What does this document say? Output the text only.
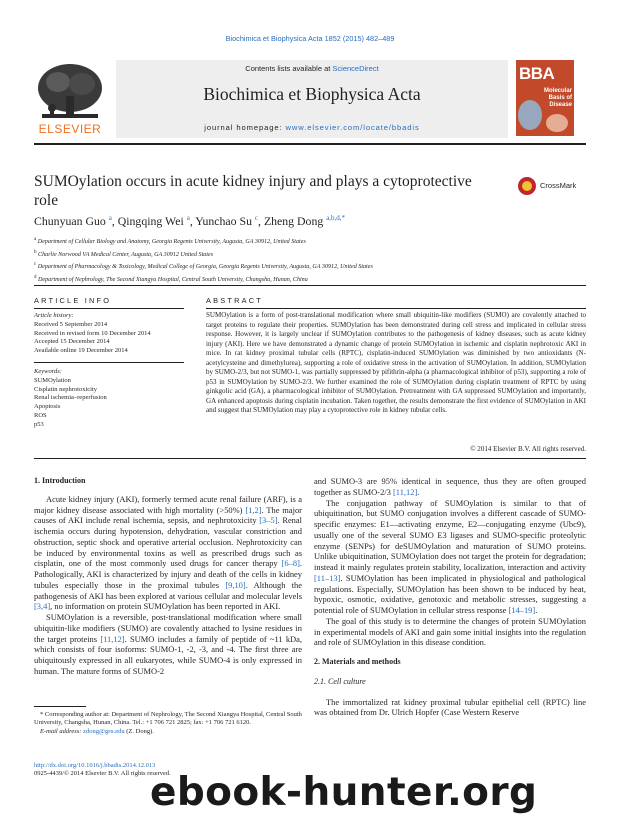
Biochimica et Biophysica Acta 1852 (2015) 482–489
ELSEVIER
Contents lists available at ScienceDirect
Biochimica et Biophysica Acta
journal homepage: www.elsevier.com/locate/bbadis
BBA
Molecular Basis of Disease
SUMOylation occurs in acute kidney injury and plays a cytoprotective role
CrossMark
Chunyuan Guo $^a$, Qingqing Wei $^a$, Yunchao Su $^c$, Zheng Dong $^{a,b,d,*}$
$^a$ Department of Cellular Biology and Anatomy, Georgia Regents University, Augusta, GA 30912, United States
$^b$ Charlie Norwood VA Medical Center, Augusta, GA 30912 United States
$^c$ Department of Pharmacology & Toxicology, Medical College of Georgia, Georgia Regents University, Augusta, GA 30912, United States
$^d$ Department of Nephrology, The Second Xiangya Hospital, Central South University, Changsha, Hunan, China
ARTICLE INFO	ABSTRACT
Article history:
Received 5 September 2014
Received in revised form 10 December 2014
Accepted 15 December 2014
Available online 19 December 2014
Keywords:
SUMOylation
Cisplatin nephrotoxicity
Renal ischemia–reperfusion
Apoptosis
ROS
p53
SUMOylation is a form of post-translational modification where small ubiquitin-like modifiers (SUMO) are covalently attached to target proteins to regulate their properties. SUMOylation has been demonstrated during cell stress and implicated in cellular stress response. However, it is largely unclear if SUMOylation contributes to the pathogenesis of kidney diseases, such as acute kidney injury (AKI). Here we have demonstrated a dynamic change of protein SUMOylation in ischemic and cisplatin nephrotoxic AKI in mice. In rat kidney proximal tubular cells (RPTC), cisplatin-induced SUMOylation was diminished by two antioxidants (N-acetylcysteine and dimethylurea), supporting a role of oxidative stress in the activation of SUMOylation. In addition, SUMOylation by SUMO-2/3, but not SUMO-1, was partially suppressed by pifithrin-alpha (a pharmacological inhibitor of p53), supporting a role of p53 in SUMOylation by SUMO-2/3. We further examined the role of SUMOylation during cisplatin treatment of RPTC by using ginkgolic acid (GA), a pharmacological inhibitor of SUMOylation. Pretreatment with GA suppressed SUMOylation and importantly, GA enhanced apoptosis during cisplatin incubation. Taken together, the results demonstrate the first evidence of SUMOylation in AKI and suggest that SUMOylation may play a cytoprotective role in kidney tubular cells.
© 2014 Elsevier B.V. All rights reserved.
1. Introduction

Acute kidney injury (AKI), formerly termed acute renal failure (ARF), is a major kidney disease associated with high mortality (>50%) [1,2]. The major causes of AKI include renal ischemia, sepsis, and nephrotoxicity [3–5]. Renal ischemia occurs during hypotension, dehydration, vascular constriction and obstruction, septic shock and operative arterial occlusion. Nephrotoxicity can be induced by environmental toxins as well as prescribed drugs such as cisplatin, one of the most commonly used drugs for cancer therapy [6–8]. Pathologically, AKI is characterized by injury and death of the cells in kidney tubules especially those in the proximal tubules [9,10]. Although the pathogenesis of AKI has been explored at various cellular and molecular levels [3,4], no information on protein SUMOylation has been reported in AKI.

SUMOylation is a reversible, post-translational modification where small ubiquitin-like modifiers (SUMO) are covalently attached to lysine residues in the target proteins [11,12]. SUMO includes a family of peptide of ~11 kDa, which consists of four isoforms: SUMO-1, -2, -3, and -4. The first three are ubiquitously expressed in all eukaryotes, while SUMO-4 is only expressed in human. The mature forms of SUMO-2

and SUMO-3 are 95% identical in sequence, thus they are often grouped together as SUMO-2/3 [11,12].

The conjugation pathway of SUMOylation is similar to that of ubiquitination, but SUMO conjugation involves a different cascade of SUMO-specific enzymes: E1—activating enzyme, E2—conjugating enzyme (Ubc9), usually one of the several SUMO E3 ligases and SUMO-specific proteolytic enzyme (SENPs) for deSUMOylation and maturation of SUMO proteins. Unlike ubiquitination, SUMOylation does not target the protein for degradation; instead it mainly regulates protein stability, localization, interaction and activity [11–13]. SUMOylation has been implicated in physiological and pathological regulations. Especially, SUMOylation has been shown to be induced by heat, hypoxic, osmotic, oxidative, genotoxic and metabolic stresses, suggesting a potential role of SUMOylation in cellular stress response [14–19].

The goal of this study is to determine the changes of protein SUMOylation in experimental models of AKI and gain some initial insights into the regulation and role of SUMOylation in this disease condition.

2. Materials and methods
2.1. Cell culture

The immortalized rat kidney proximal tubular epithelial cell (RPTC) line was obtained from Dr. Ulrich Hopfer (Case Western Reserve

* Corresponding author at: Department of Nephrology, The Second Xiangya Hospital, Central South University, Changsha, Hunan, China. Tel.: +1 706 721 2825; fax: +1 706 721 6120.
E-mail address: zdong@gru.edu (Z. Dong).
http://dx.doi.org/10.1016/j.bbadis.2014.12.013
0925-4439/© 2014 Elsevier B.V. All rights reserved.
ebook-hunter.org
